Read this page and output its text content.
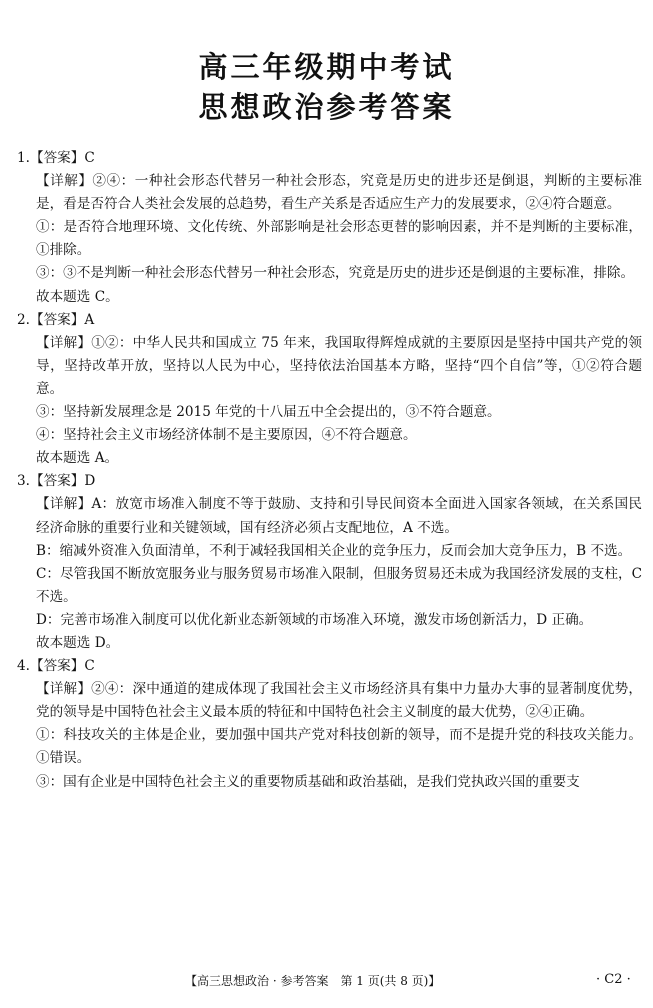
高三年级期中考试
思想政治参考答案

1.【答案】C

【详解】②④：一种社会形态代替另一种社会形态，究竟是历史的进步还是倒退，判断的主要标准是，看是否符合人类社会发展的总趋势，看生产关系是否适应生产力的发展要求，②④符合题意。

①：是否符合地理环境、文化传统、外部影响是社会形态更替的影响因素，并不是判断的主要标准，①排除。

③：③不是判断一种社会形态代替另一种社会形态，究竟是历史的进步还是倒退的主要标准，排除。

故本题选 C。

2.【答案】A

【详解】①②：中华人民共和国成立 75 年来，我国取得辉煌成就的主要原因是坚持中国共产党的领导，坚持改革开放，坚持以人民为中心，坚持依法治国基本方略，坚持“四个自信”等，①②符合题意。

③：坚持新发展理念是 2015 年党的十八届五中全会提出的，③不符合题意。

④：坚持社会主义市场经济体制不是主要原因，④不符合题意。

故本题选 A。

3.【答案】D

【详解】A：放宽市场准入制度不等于鼓励、支持和引导民间资本全面进入国家各领域，在关系国民经济命脉的重要行业和关键领域，国有经济必须占支配地位，A 不选。

B：缩减外资准入负面清单，不利于减轻我国相关企业的竞争压力，反而会加大竞争压力，B 不选。

C：尽管我国不断放宽服务业与服务贸易市场准入限制，但服务贸易还未成为我国经济发展的支柱，C 不选。

D：完善市场准入制度可以优化新业态新领域的市场准入环境，激发市场创新活力，D 正确。

故本题选 D。

4.【答案】C

【详解】②④：深中通道的建成体现了我国社会主义市场经济具有集中力量办大事的显著制度优势，党的领导是中国特色社会主义最本质的特征和中国特色社会主义制度的最大优势，②④正确。

①：科技攻关的主体是企业，要加强中国共产党对科技创新的领导，而不是提升党的科技攻关能力。①错误。

③：国有企业是中国特色社会主义的重要物质基础和政治基础，是我们党执政兴国的重要支

【高三思想政治 · 参考答案　第 1 页(共 8 页)】	· C2 ·
